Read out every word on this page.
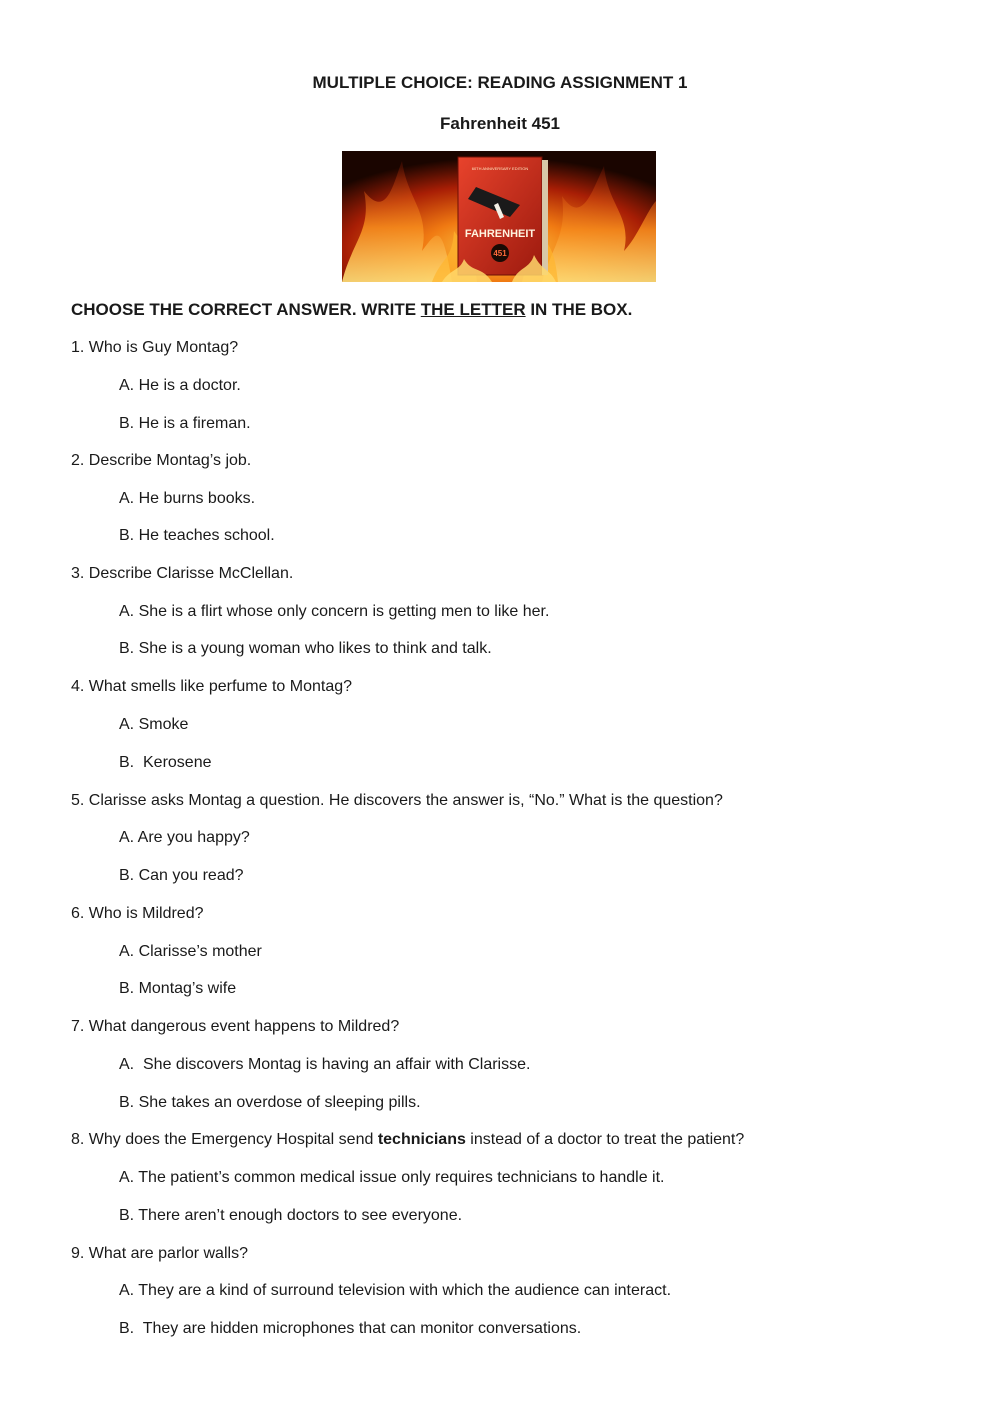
MULTIPLE CHOICE: READING ASSIGNMENT 1
Fahrenheit 451
60TH ANNIVERSARY EDITION
FAHRENHEIT
451
CHOOSE THE CORRECT ANSWER. WRITE THE LETTER IN THE BOX.
1. Who is Guy Montag?
A. He is a doctor.
B. He is a fireman.
2. Describe Montag’s job.
A. He burns books.
B. He teaches school.
3. Describe Clarisse McClellan.
A. She is a flirt whose only concern is getting men to like her.
B. She is a young woman who likes to think and talk.
4. What smells like perfume to Montag?
A. Smoke
B.  Kerosene
5. Clarisse asks Montag a question. He discovers the answer is, “No.” What is the question?
A. Are you happy?
B. Can you read?
6. Who is Mildred?
A. Clarisse’s mother
B. Montag’s wife
7. What dangerous event happens to Mildred?
A.  She discovers Montag is having an affair with Clarisse.
B. She takes an overdose of sleeping pills.
8. Why does the Emergency Hospital send technicians instead of a doctor to treat the patient?
A. The patient’s common medical issue only requires technicians to handle it.
B. There aren’t enough doctors to see everyone.
9. What are parlor walls?
A. They are a kind of surround television with which the audience can interact.
B.  They are hidden microphones that can monitor conversations.
